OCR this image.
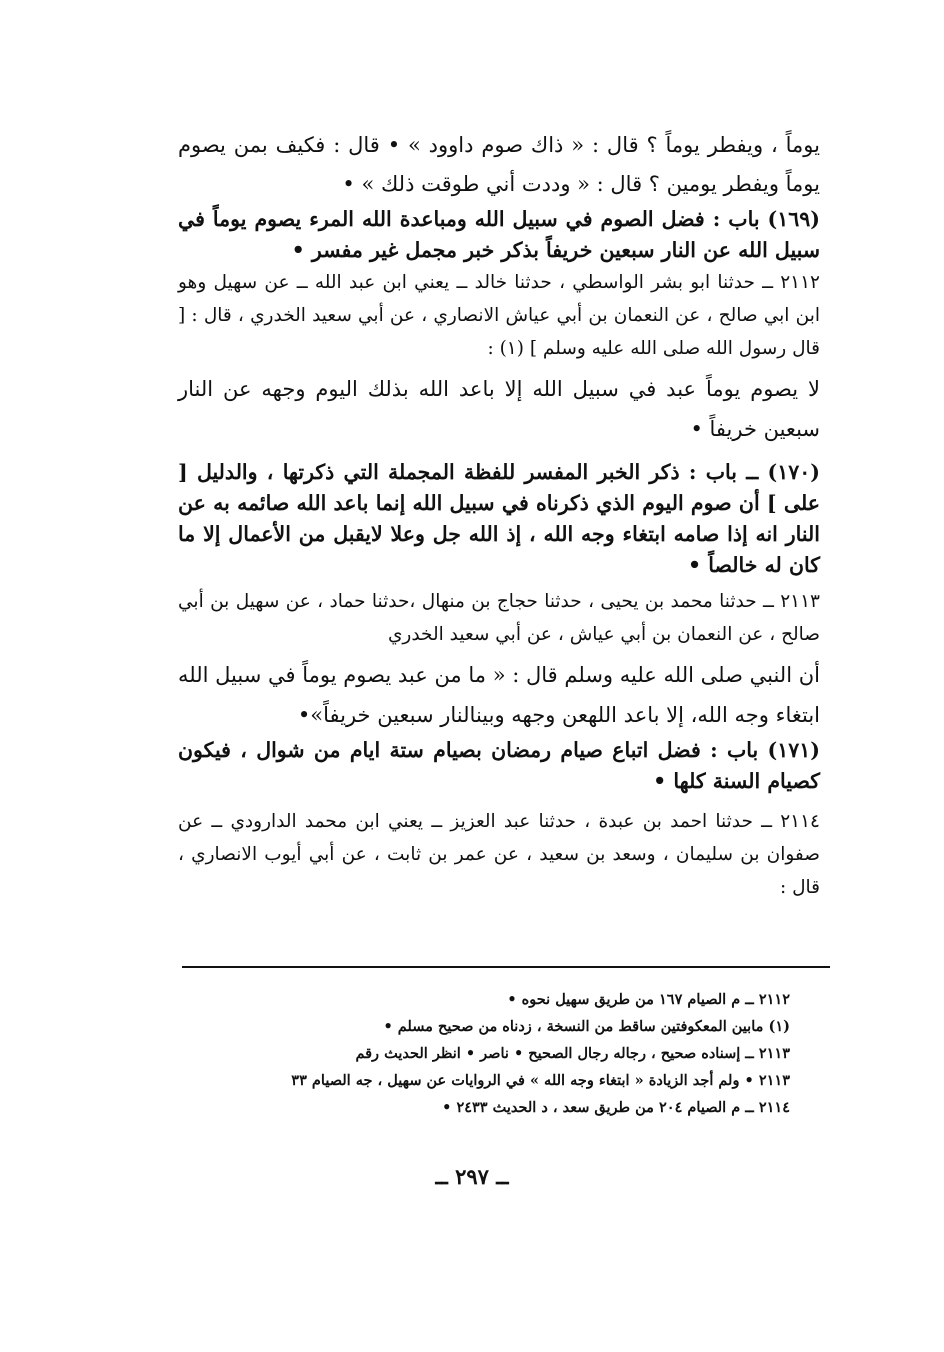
يوماً ، ويفطر يوماً ؟ قال : « ذاك صوم داوود » • قال : فكيف بمن يصوم يوماً ويفطر يومين ؟ قال : « وددت أني طوقت ذلك » •

(١٦٩) باب : فضل الصوم في سبيل الله ومباعدة الله المرء يصوم يوماً في سبيل الله عن النار سبعين خريفاً بذكر خبر مجمل غير مفسر •

٢١١٢ ــ حدثنا ابو بشر الواسطي ، حدثنا خالد ــ يعني ابن عبد الله ــ عن سهيل وهو ابن ابي صالح ، عن النعمان بن أبي عياش الانصاري ، عن أبي سعيد الخدري ، قال : [ قال رسول الله صلى الله عليه وسلم ] (١) :

لا يصوم يوماً عبد في سبيل الله إلا باعد الله بذلك اليوم وجهه عن النار سبعين خريفاً •

(١٧٠) ــ باب : ذكر الخبر المفسر للفظة المجملة التي ذكرتها ، والدليل [ على ] أن صوم اليوم الذي ذكرناه في سبيل الله إنما باعد الله صائمه به عن النار انه إذا صامه ابتغاء وجه الله ، إذ الله جل وعلا لايقبل من الأعمال إلا ما كان له خالصاً •

٢١١٣ ــ حدثنا محمد بن يحيى ، حدثنا حجاج بن منهال ،حدثنا حماد ، عن سهيل بن أبي صالح ، عن النعمان بن أبي عياش ، عن أبي سعيد الخدري

أن النبي صلى الله عليه وسلم قال : « ما من عبد يصوم يوماً في سبيل الله ابتغاء وجه الله، إلا باعد اللهعن وجهه وبينالنار سبعين خريفاً»•

(١٧١) باب : فضل اتباع صيام رمضان بصيام ستة ايام من شوال ، فيكون كصيام السنة كلها •

٢١١٤ ــ حدثنا احمد بن عبدة ، حدثنا عبد العزيز ــ يعني ابن محمد الدارودي ــ عن صفوان بن سليمان ، وسعد بن سعيد ، عن عمر بن ثابت ، عن أبي أيوب الانصاري ، قال :

٢١١٢ ــ م الصيام ١٦٧ من طريق سهيل نحوه •

(١) مابين المعكوفتين ساقط من النسخة ، زدناه من صحيح مسلم •

٢١١٣ ــ إسناده صحيح ، رجاله رجال الصحيح • ناصر • انظر الحديث رقم

٢١١٣ • ولم أجد الزيادة « ابتغاء وجه الله » في الروايات عن سهيل ، جه الصيام ٣٣

٢١١٤ ــ م الصيام ٢٠٤ من طريق سعد ، د الحديث ٢٤٣٣ •

ــ ٢٩٧ ــ
